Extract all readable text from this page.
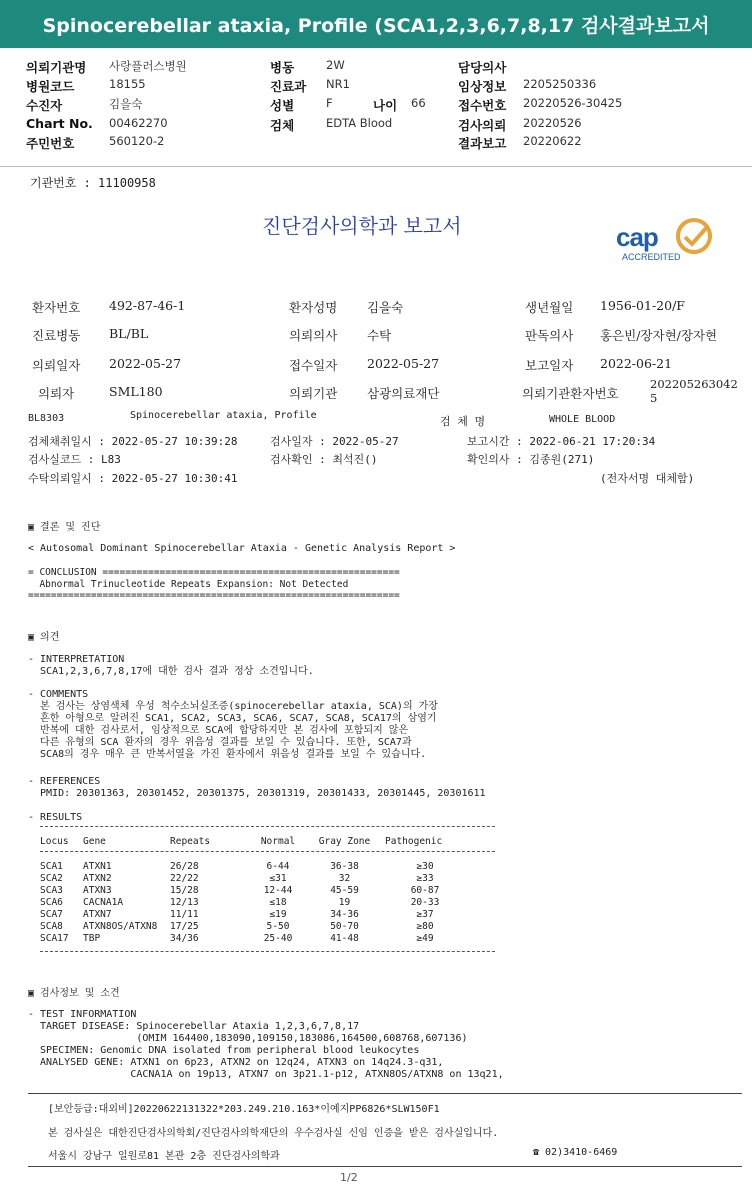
Spinocerebellar ataxia, Profile (SCA1,2,3,6,7,8,17 검사결과보고서
의뢰기관명 사랑플러스병원
병원코드	18155
수진자	김을숙
Chart No. 00462270
주민번호	560120-2
병동	2W
진료과 NR1
성별	F	나이 66
검체	EDTA Blood
담당의사
임상정보 2205250336
접수번호 20220526-30425
검사의뢰 20220526
결과보고 20220622
기관번호 : 11100958
진단검사의학과 보고서	cap
ACCREDITED
환자번호 492-87-46-1	환자성명 김을숙	생년월일 1956-01-20/F
진료병동 BL/BL	의뢰의사 수탁	판독의사 홍은빈/장자현/장자현
의뢰일자 2022-05-27	접수일자 2022-05-27	보고일자 2022-06-21
의뢰자	SML180	의뢰기관 삼광의료재단	의뢰기관환자번호
202205263042
5
BL8303	Spinocerebellar ataxia, Profile	검 체 명	WHOLE BLOOD
검체채취일시 : 2022-05-27 10:39:28	검사일자 : 2022-05-27	보고시간 : 2022-06-21 17:20:34
검사실코드 : L83	검사확인 : 최석진()	확인의사 : 김종원(271)
수탁의뢰일시 : 2022-05-27 10:30:41	(전자서명 대체함)
▣ 결론 및 진단
< Autosomal Dominant Spinocerebellar Ataxia - Genetic Analysis Report >
= CONCLUSION ====================================================
Abnormal Trinucleotide Repeats Expansion: Not Detected
=================================================================
▣ 의견
- INTERPRETATION
SCA1,2,3,6,7,8,17에 대한 검사 결과 정상 소견입니다.
- COMMENTS
본 검사는 상염색체 우성 척수소뇌실조증(spinocerebellar ataxia, SCA)의 가장
흔한 아형으로 알려진 SCA1, SCA2, SCA3, SCA6, SCA7, SCA8, SCA17의 삼염기
반복에 대한 검사로서, 임상적으로 SCA에 합당하지만 본 검사에 포함되지 않은
다른 유형의 SCA 환자의 경우 위음성 결과를 보일 수 있습니다. 또한, SCA7과
SCA8의 경우 매우 큰 반복서열을 가진 환자에서 위음성 결과를 보일 수 있습니다.
- REFERENCES
PMID: 20301363, 20301452, 20301375, 20301319, 20301433, 20301445, 20301611
- RESULTS
Locus	Gene	Repeats	Normal	Gray Zone	Pathogenic
SCA1	ATXN1	26/28	6-44	36-38	≥30
SCA2	ATXN2	22/22	≤31	32	≥33
SCA3	ATXN3	15/28	12-44	45-59	60-87
SCA6	CACNA1A	12/13	≤18	19	20-33
SCA7	ATXN7	11/11	≤19	34-36	≥37
SCA8	ATXN8OS/ATXN8	17/25	5-50	50-70	≥80
SCA17	TBP	34/36	25-40	41-48	≥49
▣ 검사정보 및 소견
- TEST INFORMATION
TARGET DISEASE: Spinocerebellar Ataxia 1,2,3,6,7,8,17
(OMIM 164400,183090,109150,183086,164500,608768,607136)
SPECIMEN: Genomic DNA isolated from peripheral blood leukocytes
ANALYSED GENE: ATXN1 on 6p23, ATXN2 on 12q24, ATXN3 on 14q24.3-q31,
CACNA1A on 19p13, ATXN7 on 3p21.1-p12, ATXN8OS/ATXN8 on 13q21,
[보안등급:대외비]20220622131322*203.249.210.163*이예지PP6826*SLW150F1
본 검사실은 대한진단검사의학회/진단검사의학재단의 우수검사실 신임 인증을 받은 검사실입니다.
서울시 강남구 일원로81 본관 2층 진단검사의학과	☎ 02)3410-6469
1/2
